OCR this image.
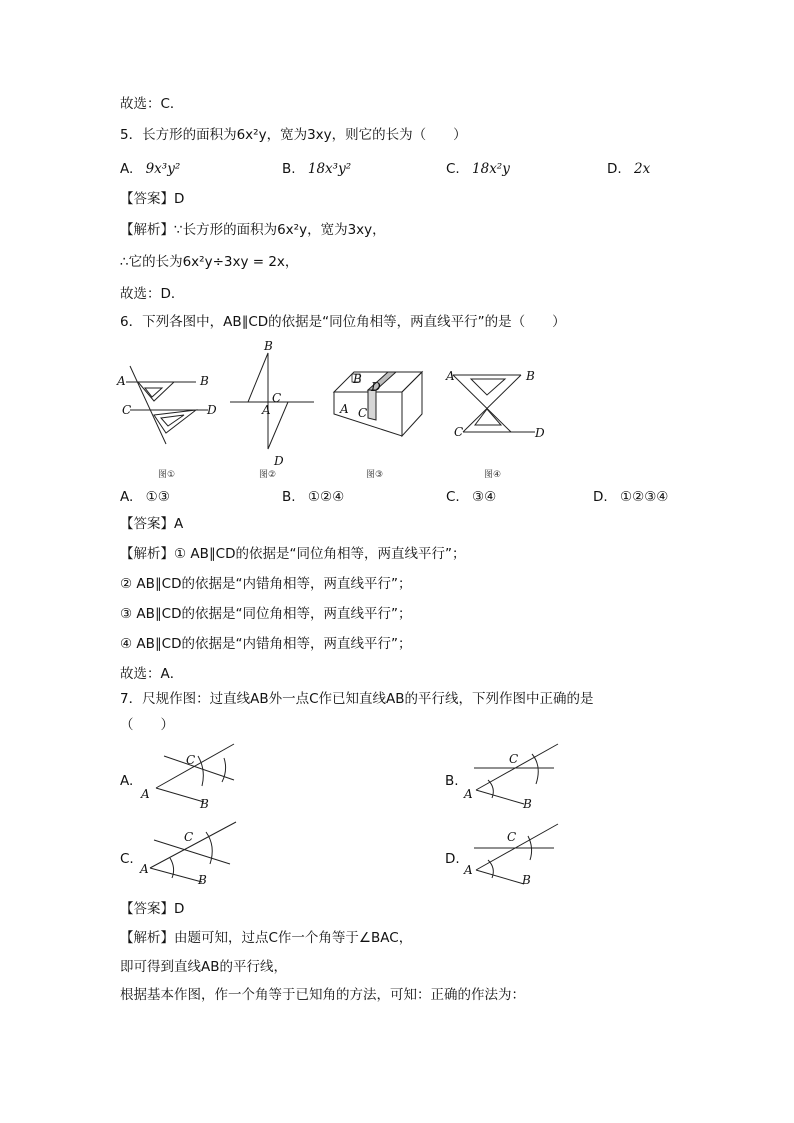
故选：C．
5．长方形的面积为6x²y，宽为3xy，则它的长为（　　）
A. 9x³y²	B. 18x³y²	C. 18x²y	D. 2x
【答案】D
【解析】∵长方形的面积为6x²y，宽为3xy，
∴它的长为6x²y÷3xy = 2x，
故选：D．
6．下列各图中，AB∥CD的依据是“同位角相等，两直线平行”的是（　　）
A	B
C	D
图①
B
A
C
D
图②
B
D
A C
图③
A	B
C	D
图④
A. ①③	B. ①②④	C. ③④	D. ①②③④
【答案】A
【解析】① AB∥CD的依据是“同位角相等，两直线平行”；
② AB∥CD的依据是“内错角相等，两直线平行”；
③ AB∥CD的依据是“同位角相等，两直线平行”；
④ AB∥CD的依据是“内错角相等，两直线平行”；
故选：A．
7．尺规作图：过直线AB外一点C作已知直线AB的平行线，下列作图中正确的是
（　　）
A.
A
B
C
B.
A
B
C
C.
A
B
C
D.
A
B
C
【答案】D
【解析】由题可知，过点C作一个角等于∠BAC，
即可得到直线AB的平行线，
根据基本作图，作一个角等于已知角的方法，可知：正确的作法为：
